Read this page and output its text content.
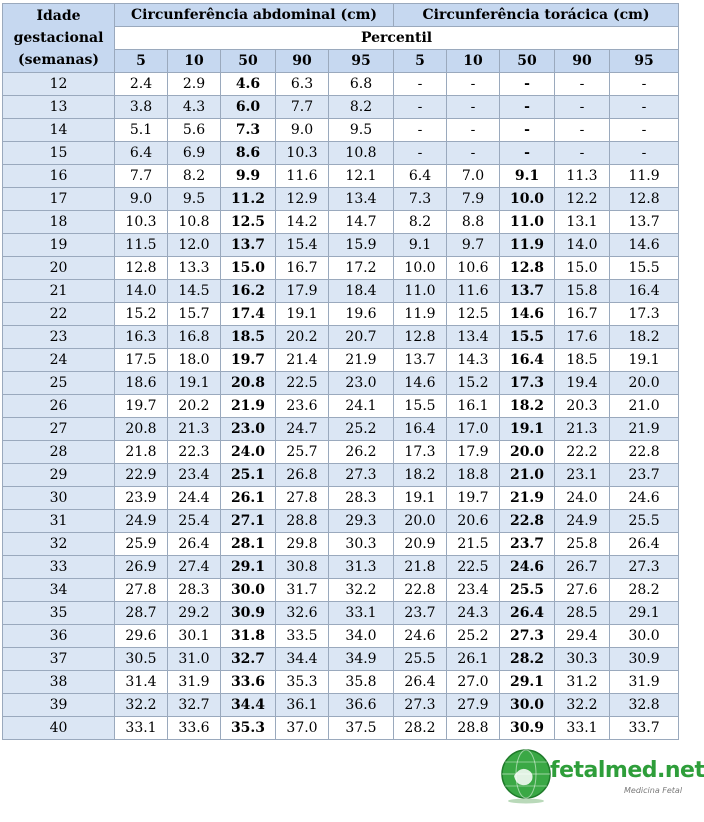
Idade gestacional (semanas)	Circunferência abdominal (cm)					Circunferência torácica (cm)				
	Percentil									
	5	10	50	90	95	5	10	50	90	95
12	2.4	2.9	4.6	6.3	6.8	-	-	-	-	-
13	3.8	4.3	6.0	7.7	8.2	-	-	-	-	-
14	5.1	5.6	7.3	9.0	9.5	-	-	-	-	-
15	6.4	6.9	8.6	10.3	10.8	-	-	-	-	-
16	7.7	8.2	9.9	11.6	12.1	6.4	7.0	9.1	11.3	11.9
17	9.0	9.5	11.2	12.9	13.4	7.3	7.9	10.0	12.2	12.8
18	10.3	10.8	12.5	14.2	14.7	8.2	8.8	11.0	13.1	13.7
19	11.5	12.0	13.7	15.4	15.9	9.1	9.7	11.9	14.0	14.6
20	12.8	13.3	15.0	16.7	17.2	10.0	10.6	12.8	15.0	15.5
21	14.0	14.5	16.2	17.9	18.4	11.0	11.6	13.7	15.8	16.4
22	15.2	15.7	17.4	19.1	19.6	11.9	12.5	14.6	16.7	17.3
23	16.3	16.8	18.5	20.2	20.7	12.8	13.4	15.5	17.6	18.2
24	17.5	18.0	19.7	21.4	21.9	13.7	14.3	16.4	18.5	19.1
25	18.6	19.1	20.8	22.5	23.0	14.6	15.2	17.3	19.4	20.0
26	19.7	20.2	21.9	23.6	24.1	15.5	16.1	18.2	20.3	21.0
27	20.8	21.3	23.0	24.7	25.2	16.4	17.0	19.1	21.3	21.9
28	21.8	22.3	24.0	25.7	26.2	17.3	17.9	20.0	22.2	22.8
29	22.9	23.4	25.1	26.8	27.3	18.2	18.8	21.0	23.1	23.7
30	23.9	24.4	26.1	27.8	28.3	19.1	19.7	21.9	24.0	24.6
31	24.9	25.4	27.1	28.8	29.3	20.0	20.6	22.8	24.9	25.5
32	25.9	26.4	28.1	29.8	30.3	20.9	21.5	23.7	25.8	26.4
33	26.9	27.4	29.1	30.8	31.3	21.8	22.5	24.6	26.7	27.3
34	27.8	28.3	30.0	31.7	32.2	22.8	23.4	25.5	27.6	28.2
35	28.7	29.2	30.9	32.6	33.1	23.7	24.3	26.4	28.5	29.1
36	29.6	30.1	31.8	33.5	34.0	24.6	25.2	27.3	29.4	30.0
37	30.5	31.0	32.7	34.4	34.9	25.5	26.1	28.2	30.3	30.9
38	31.4	31.9	33.6	35.3	35.8	26.4	27.0	29.1	31.2	31.9
39	32.2	32.7	34.4	36.1	36.6	27.3	27.9	30.0	32.2	32.8
40	33.1	33.6	35.3	37.0	37.5	28.2	28.8	30.9	33.1	33.7
fetalmed.net
Medicina Fetal
